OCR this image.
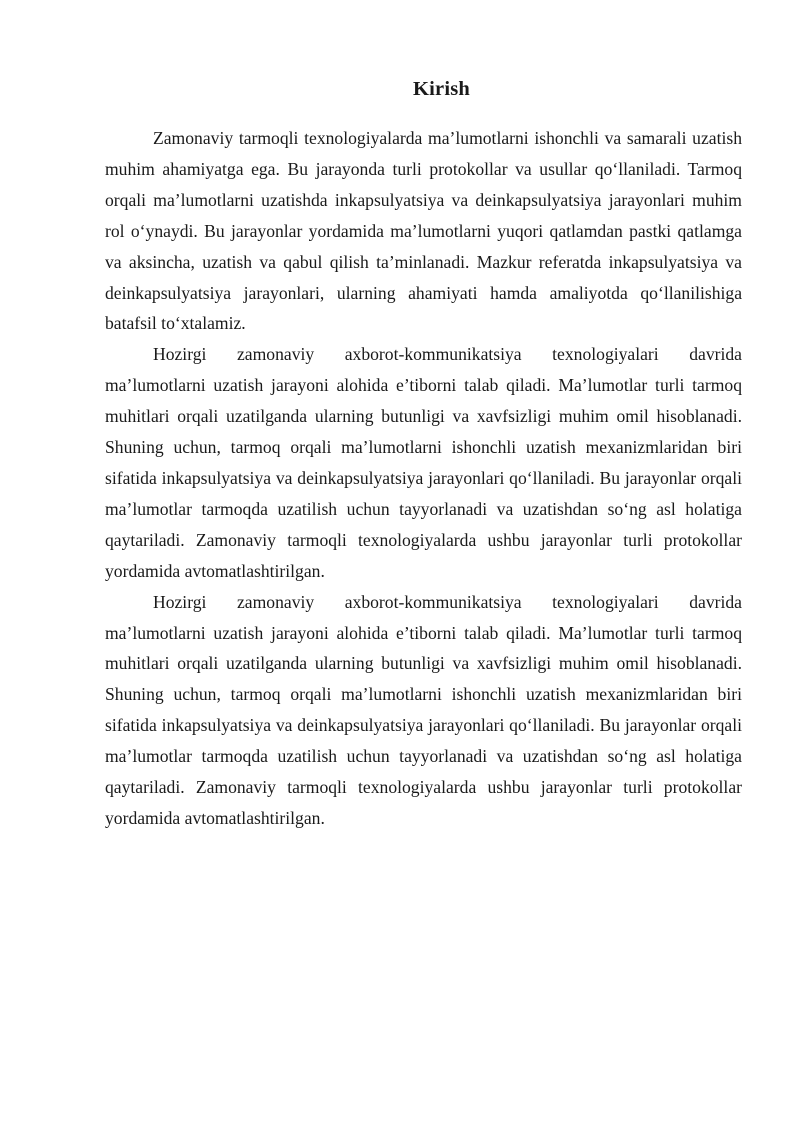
Kirish

Zamonaviy tarmoqli texnologiyalarda ma’lumotlarni ishonchli va samarali uzatish muhim ahamiyatga ega. Bu jarayonda turli protokollar va usullar qo‘llaniladi. Tarmoq orqali ma’lumotlarni uzatishda inkapsulyatsiya va deinkapsulyatsiya jarayonlari muhim rol o‘ynaydi. Bu jarayonlar yordamida ma’lumotlarni yuqori qatlamdan pastki qatlamga va aksincha, uzatish va qabul qilish ta’minlanadi. Mazkur referatda inkapsulyatsiya va deinkapsulyatsiya jarayonlari, ularning ahamiyati hamda amaliyotda qo‘llanilishiga batafsil to‘xtalamiz.

Hozirgi zamonaviy axborot-kommunikatsiya texnologiyalari davrida ma’lumotlarni uzatish jarayoni alohida e’tiborni talab qiladi. Ma’lumotlar turli tarmoq muhitlari orqali uzatilganda ularning butunligi va xavfsizligi muhim omil hisoblanadi. Shuning uchun, tarmoq orqali ma’lumotlarni ishonchli uzatish mexanizmlaridan biri sifatida inkapsulyatsiya va deinkapsulyatsiya jarayonlari qo‘llaniladi. Bu jarayonlar orqali ma’lumotlar tarmoqda uzatilish uchun tayyorlanadi va uzatishdan so‘ng asl holatiga qaytariladi. Zamonaviy tarmoqli texnologiyalarda ushbu jarayonlar turli protokollar yordamida avtomatlashtirilgan.

Hozirgi zamonaviy axborot-kommunikatsiya texnologiyalari davrida ma’lumotlarni uzatish jarayoni alohida e’tiborni talab qiladi. Ma’lumotlar turli tarmoq muhitlari orqali uzatilganda ularning butunligi va xavfsizligi muhim omil hisoblanadi. Shuning uchun, tarmoq orqali ma’lumotlarni ishonchli uzatish mexanizmlaridan biri sifatida inkapsulyatsiya va deinkapsulyatsiya jarayonlari qo‘llaniladi. Bu jarayonlar orqali ma’lumotlar tarmoqda uzatilish uchun tayyorlanadi va uzatishdan so‘ng asl holatiga qaytariladi. Zamonaviy tarmoqli texnologiyalarda ushbu jarayonlar turli protokollar yordamida avtomatlashtirilgan.
